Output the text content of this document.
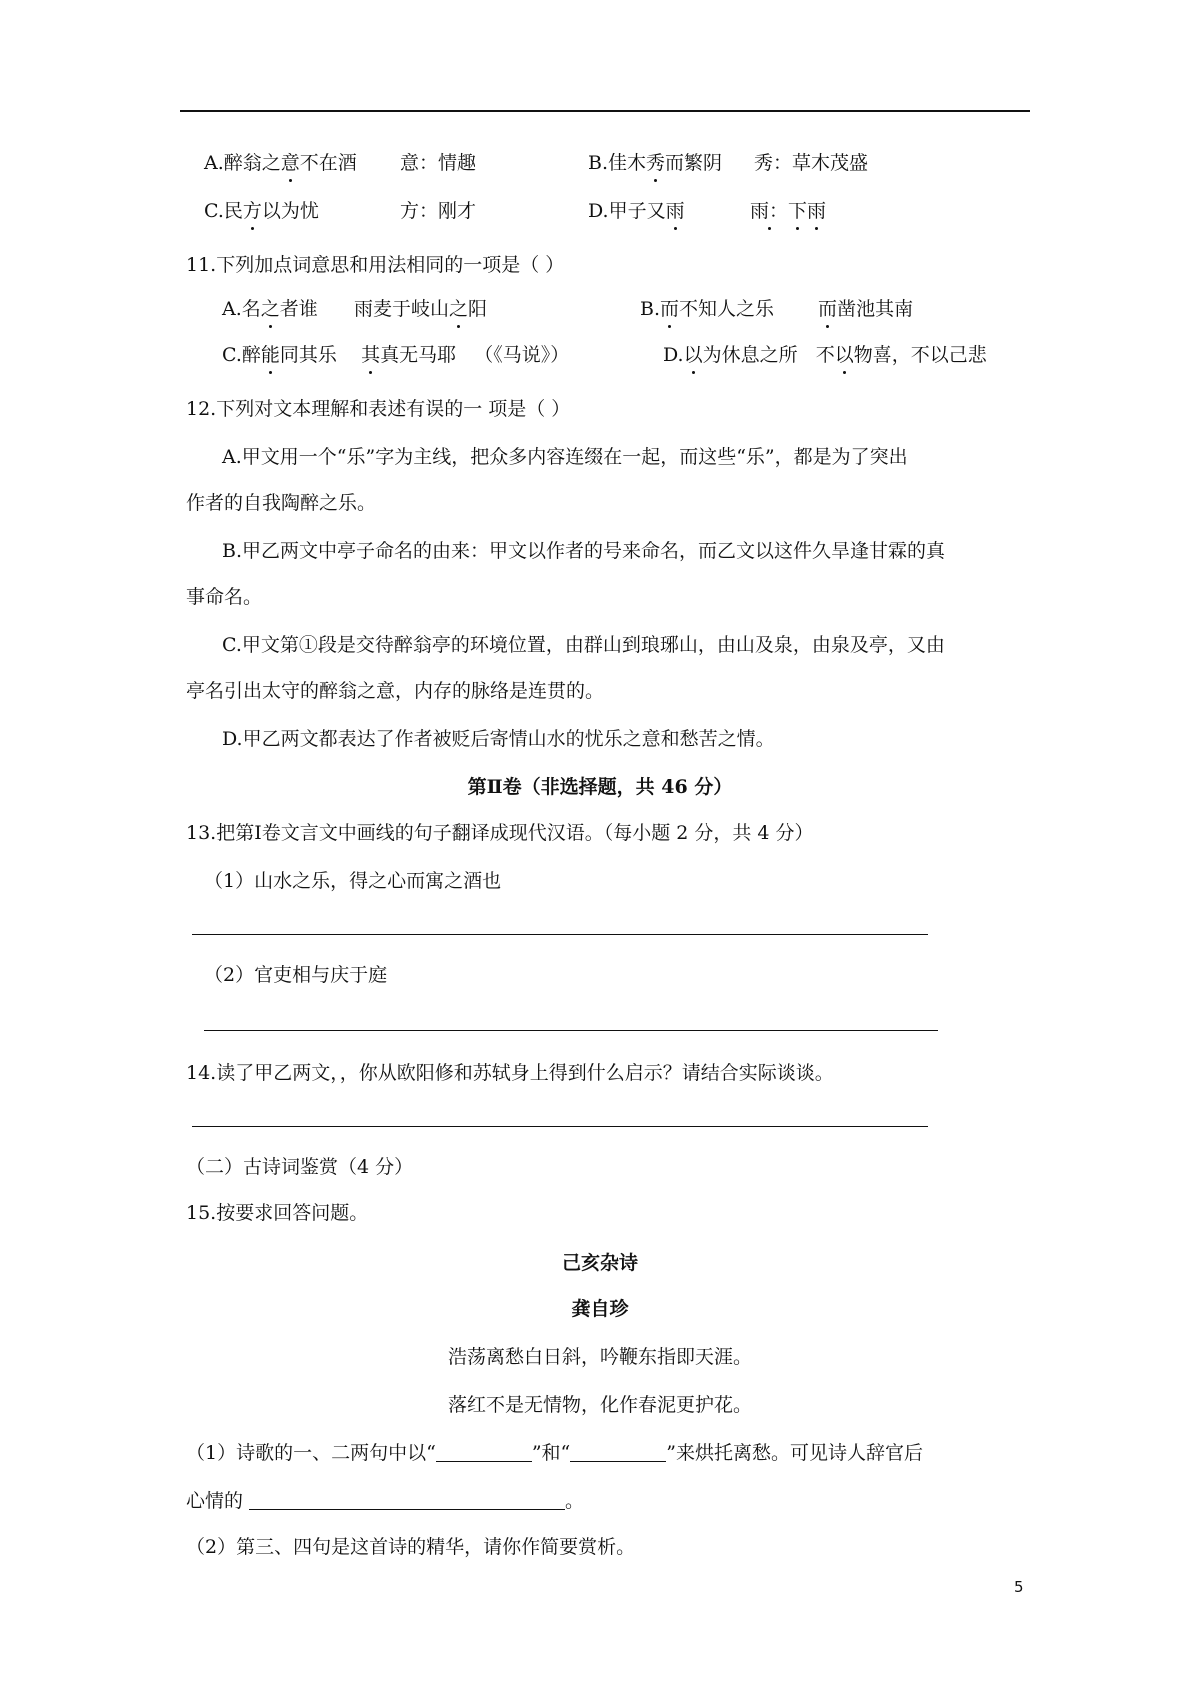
A.醉翁之意不在酒 意：情趣	B.佳木秀而繁阴 秀：草木茂盛
C.民方以为忧	方：刚才	D.甲子又雨	雨：下雨
11.下列加点词意思和用法相同的一项是（ ）
A.名之者谁      雨麦于岐山之阳	B.而不知人之乐 而凿池其南
C.醉能同其乐    其真无马耶   （《马说》）	D.以为休息之所   不以物喜，不以己悲
12.下列对文本理解和表述有误的一 项是（ ）
A.甲文用一个“乐”字为主线，把众多内容连缀在一起，而这些“乐”，都是为了突出
作者的自我陶醉之乐。
B.甲乙两文中亭子命名的由来：甲文以作者的号来命名，而乙文以这件久旱逢甘霖的真
事命名。
C.甲文第①段是交待醉翁亭的环境位置，由群山到琅琊山，由山及泉，由泉及亭，又由
亭名引出太守的醉翁之意，内存的脉络是连贯的。
D.甲乙两文都表达了作者被贬后寄情山水的忧乐之意和愁苦之情。
第Ⅱ卷（非选择题，共 46 分）
13.把第Ⅰ卷文言文中画线的句子翻译成现代汉语。（每小题 2 分，共 4 分）
（1）山水之乐，得之心而寓之酒也
（2）官吏相与庆于庭
14.读了甲乙两文，，你从欧阳修和苏轼身上得到什么启示？请结合实际谈谈。
（二）古诗词鉴赏（4 分）
15.按要求回答问题。
己亥杂诗
龚自珍
浩荡离愁白日斜，吟鞭东指即天涯。
落红不是无情物，化作春泥更护花。
（1）诗歌的一、二两句中以“	”和“	”来烘托离愁。可见诗人辞官后
心情的	。
（2）第三、四句是这首诗的精华，请你作简要赏析。
5
